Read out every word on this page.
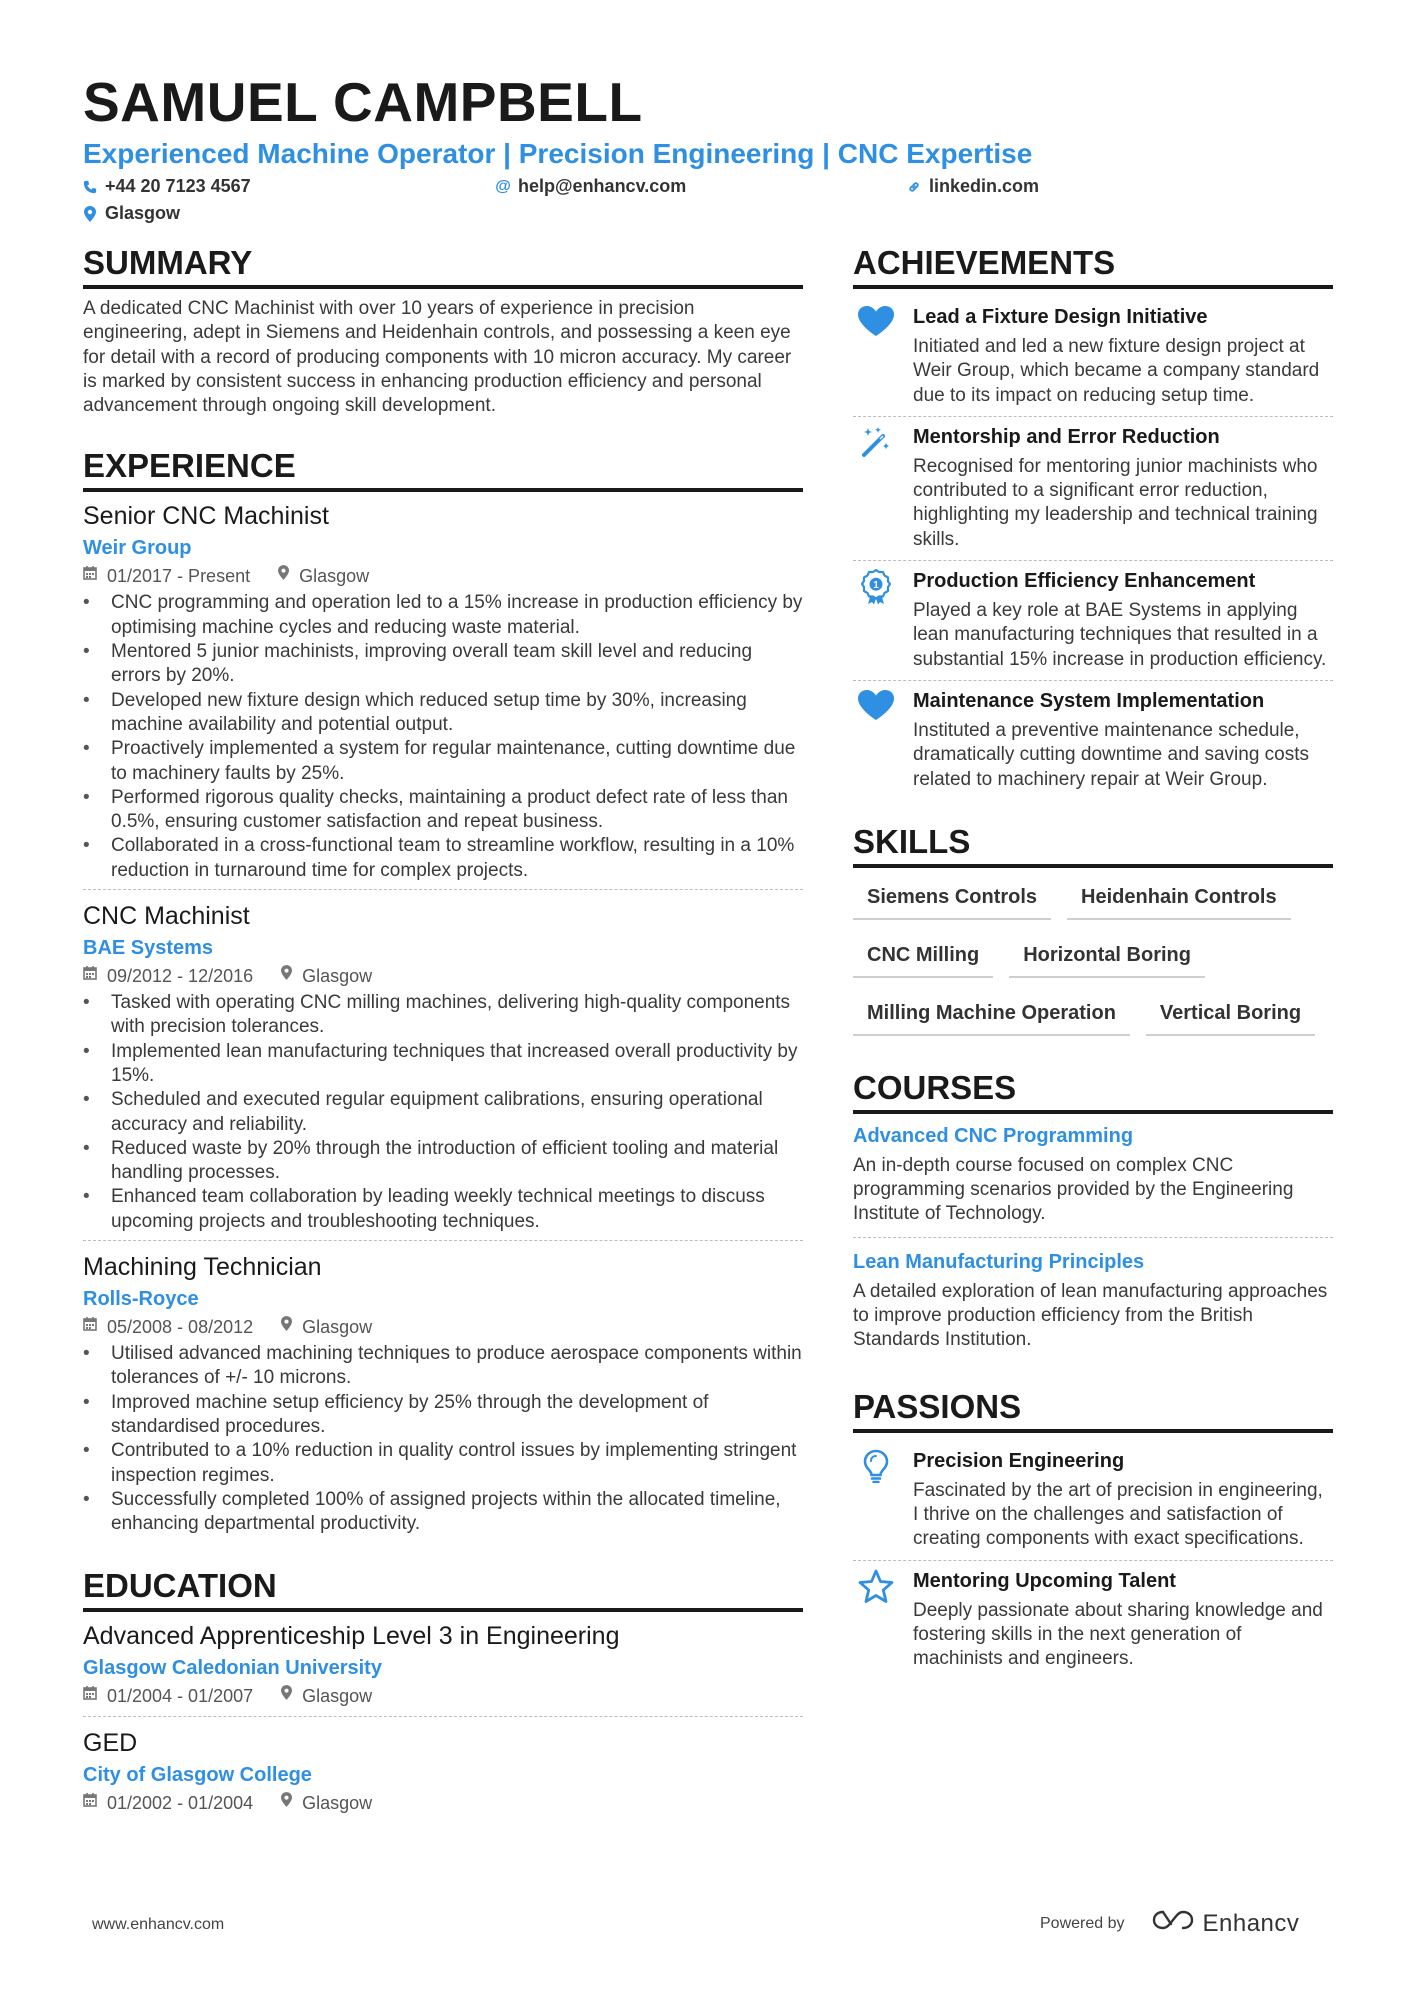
SAMUEL CAMPBELL
Experienced Machine Operator | Precision Engineering | CNC Expertise
+44 20 7123 4567	@ help@enhancv.com	linkedin.com
Glasgow
SUMMARY
A dedicated CNC Machinist with over 10 years of experience in precision engineering, adept in Siemens and Heidenhain controls, and possessing a keen eye for detail with a record of producing components with 10 micron accuracy. My career is marked by consistent success in enhancing production efficiency and personal advancement through ongoing skill development.
EXPERIENCE
Senior CNC Machinist
Weir Group
01/2017 - Present	Glasgow
• CNC programming and operation led to a 15% increase in production efficiency by optimising machine cycles and reducing waste material.
• Mentored 5 junior machinists, improving overall team skill level and reducing errors by 20%.
• Developed new fixture design which reduced setup time by 30%, increasing machine availability and potential output.
• Proactively implemented a system for regular maintenance, cutting downtime due to machinery faults by 25%.
• Performed rigorous quality checks, maintaining a product defect rate of less than 0.5%, ensuring customer satisfaction and repeat business.
• Collaborated in a cross-functional team to streamline workflow, resulting in a 10% reduction in turnaround time for complex projects.
CNC Machinist
BAE Systems
09/2012 - 12/2016	Glasgow
• Tasked with operating CNC milling machines, delivering high-quality components with precision tolerances.
• Implemented lean manufacturing techniques that increased overall productivity by 15%.
• Scheduled and executed regular equipment calibrations, ensuring operational accuracy and reliability.
• Reduced waste by 20% through the introduction of efficient tooling and material handling processes.
• Enhanced team collaboration by leading weekly technical meetings to discuss upcoming projects and troubleshooting techniques.
Machining Technician
Rolls-Royce
05/2008 - 08/2012	Glasgow
• Utilised advanced machining techniques to produce aerospace components within tolerances of +/- 10 microns.
• Improved machine setup efficiency by 25% through the development of standardised procedures.
• Contributed to a 10% reduction in quality control issues by implementing stringent inspection regimes.
• Successfully completed 100% of assigned projects within the allocated timeline, enhancing departmental productivity.
EDUCATION
Advanced Apprenticeship Level 3 in Engineering
Glasgow Caledonian University
01/2004 - 01/2007	Glasgow
GED
City of Glasgow College
01/2002 - 01/2004	Glasgow
ACHIEVEMENTS
Lead a Fixture Design Initiative
Initiated and led a new fixture design project at Weir Group, which became a company standard due to its impact on reducing setup time.
Mentorship and Error Reduction
Recognised for mentoring junior machinists who contributed to a significant error reduction, highlighting my leadership and technical training skills.
1 Production Efficiency Enhancement
Played a key role at BAE Systems in applying lean manufacturing techniques that resulted in a substantial 15% increase in production efficiency.
Maintenance System Implementation
Instituted a preventive maintenance schedule, dramatically cutting downtime and saving costs related to machinery repair at Weir Group.
SKILLS
Siemens Controls	Heidenhain Controls
CNC Milling	Horizontal Boring
Milling Machine Operation	Vertical Boring
COURSES
Advanced CNC Programming
An in-depth course focused on complex CNC programming scenarios provided by the Engineering Institute of Technology.
Lean Manufacturing Principles
A detailed exploration of lean manufacturing approaches to improve production efficiency from the British Standards Institution.
PASSIONS
Precision Engineering
Fascinated by the art of precision in engineering, I thrive on the challenges and satisfaction of creating components with exact specifications.
Mentoring Upcoming Talent
Deeply passionate about sharing knowledge and fostering skills in the next generation of machinists and engineers.
www.enhancv.com	Powered by	Enhancv
